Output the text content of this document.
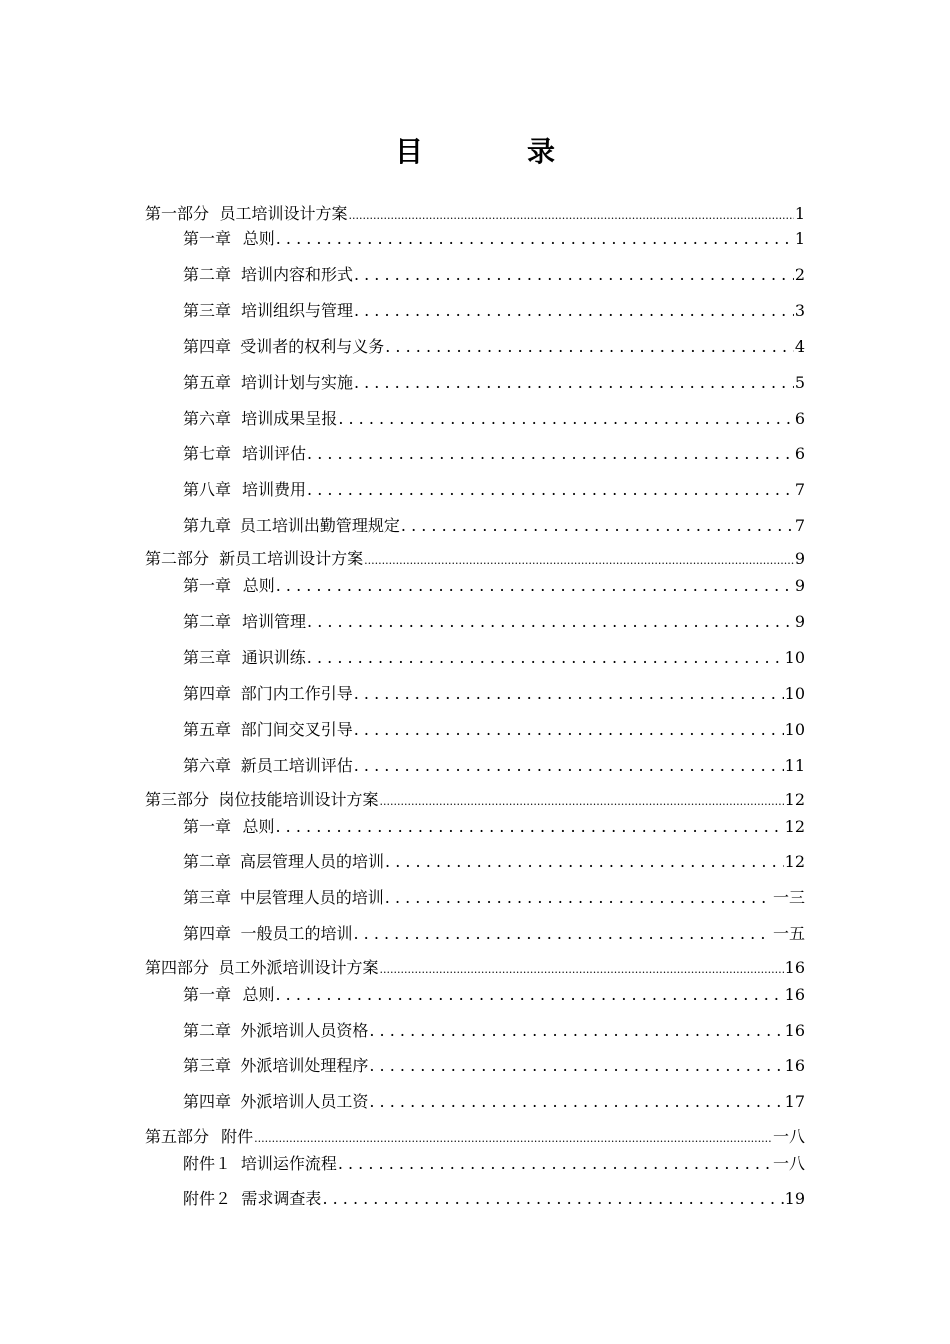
目　录
第一部分 员工培训设计方案 .....	1
第一章 总则 . . .	1
第二章 培训内容和形式 . . .	2
第三章 培训组织与管理 . . .	3
第四章 受训者的权利与义务 . . .	4
第五章 培训计划与实施 . . .	5
第六章 培训成果呈报 . . .	6
第七章 培训评估 . . .	6
第八章 培训费用 . . .	7
第九章 员工培训出勤管理规定 . . .	7
第二部分 新员工培训设计方案 .....	9
第一章 总则 . . .	9
第二章 培训管理 . . .	9
第三章 通识训练 . . .	10
第四章 部门内工作引导 . . .	10
第五章 部门间交叉引导 . . .	10
第六章 新员工培训评估 . . .	11
第三部分 岗位技能培训设计方案 .....	12
第一章 总则 . . .	12
第二章 高层管理人员的培训 . . .	12
第三章 中层管理人员的培训 . . .	一三
第四章 一般员工的培训 . . .	一五
第四部分 员工外派培训设计方案 .....	16
第一章 总则 . . .	16
第二章 外派培训人员资格 . . .	16
第三章 外派培训处理程序 . . .	16
第四章 外派培训人员工资 . . .	17
第五部分 附件 .....	一八
附件１ 培训运作流程 . . .	一八
附件２ 需求调查表 . . .	19
